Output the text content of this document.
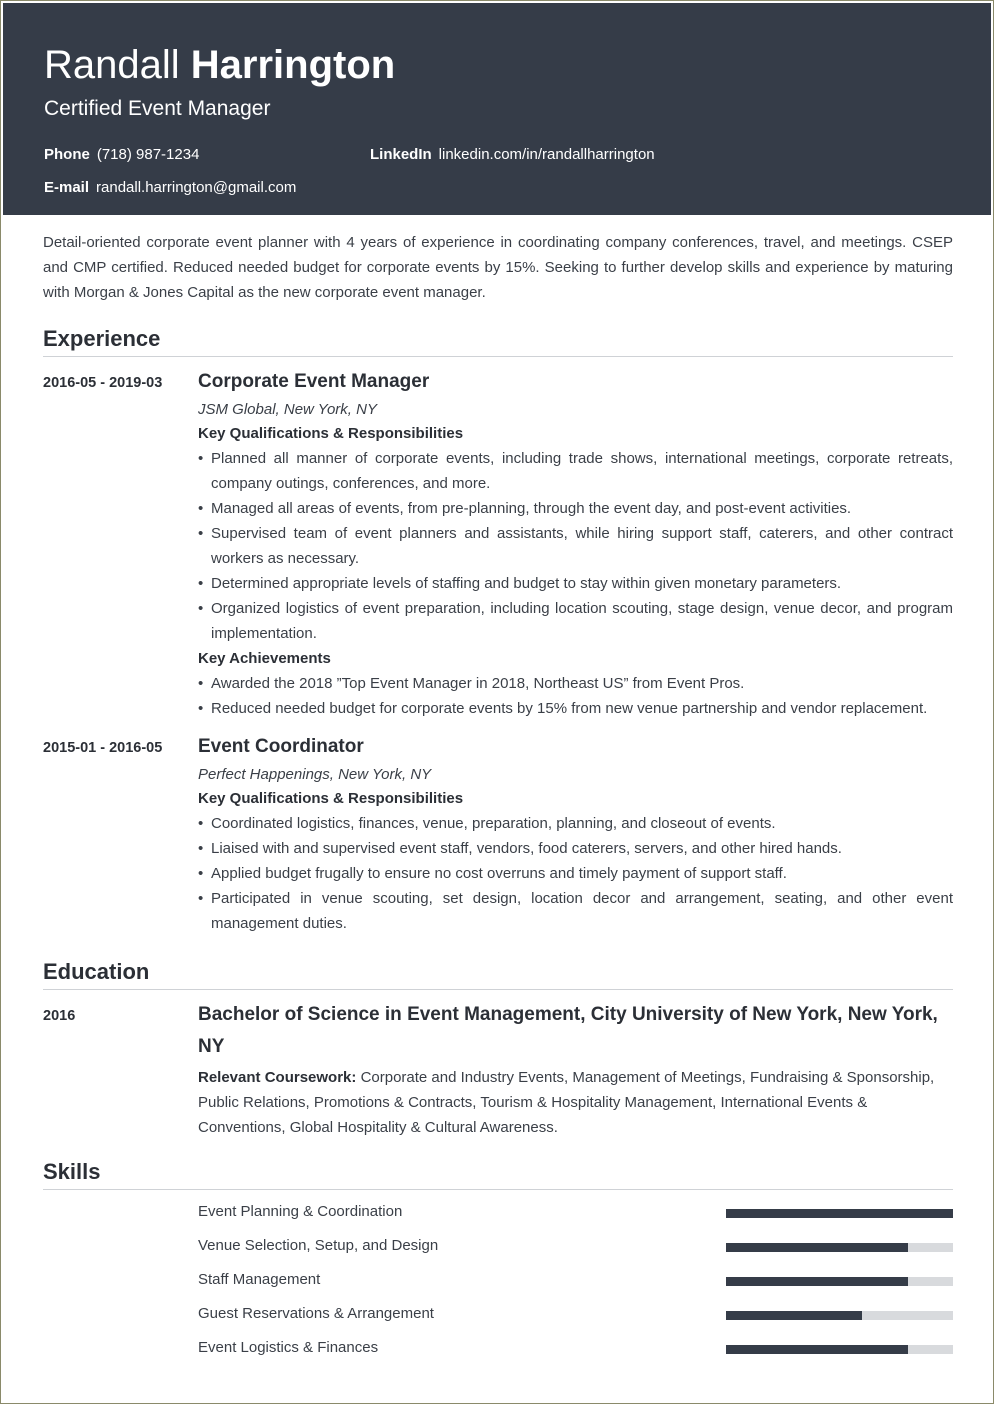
Randall Harrington
Certified Event Manager
Phone (718) 987-1234	LinkedIn linkedin.com/in/randallharrington
E-mail randall.harrington@gmail.com
Detail-oriented corporate event planner with 4 years of experience in coordinating company conferences, travel, and meetings. CSEP and CMP certified. Reduced needed budget for corporate events by 15%. Seeking to further develop skills and experience by maturing with Morgan & Jones Capital as the new corporate event manager.
Experience
2016-05 - 2019-03 Corporate Event Manager
JSM Global, New York, NY
Key Qualifications & Responsibilities
• Planned all manner of corporate events, including trade shows, international meetings, corporate retreats, company outings, conferences, and more.
• Managed all areas of events, from pre-planning, through the event day, and post-event activities.
• Supervised team of event planners and assistants, while hiring support staff, caterers, and other contract workers as necessary.
• Determined appropriate levels of staffing and budget to stay within given monetary parameters.
• Organized logistics of event preparation, including location scouting, stage design, venue decor, and program implementation.
Key Achievements
• Awarded the 2018 ”Top Event Manager in 2018, Northeast US” from Event Pros.
• Reduced needed budget for corporate events by 15% from new venue partnership and vendor replacement.
2015-01 - 2016-05 Event Coordinator
Perfect Happenings, New York, NY
Key Qualifications & Responsibilities
• Coordinated logistics, finances, venue, preparation, planning, and closeout of events.
• Liaised with and supervised event staff, vendors, food caterers, servers, and other hired hands.
• Applied budget frugally to ensure no cost overruns and timely payment of support staff.
• Participated in venue scouting, set design, location decor and arrangement, seating, and other event management duties.
Education
2016	Bachelor of Science in Event Management, City University of New York, New York, NY
Relevant Coursework: Corporate and Industry Events, Management of Meetings, Fundraising & Sponsorship, Public Relations, Promotions & Contracts, Tourism & Hospitality Management, International Events & Conventions, Global Hospitality & Cultural Awareness.
Skills
Event Planning & Coordination
Venue Selection, Setup, and Design
Staff Management
Guest Reservations & Arrangement
Event Logistics & Finances
